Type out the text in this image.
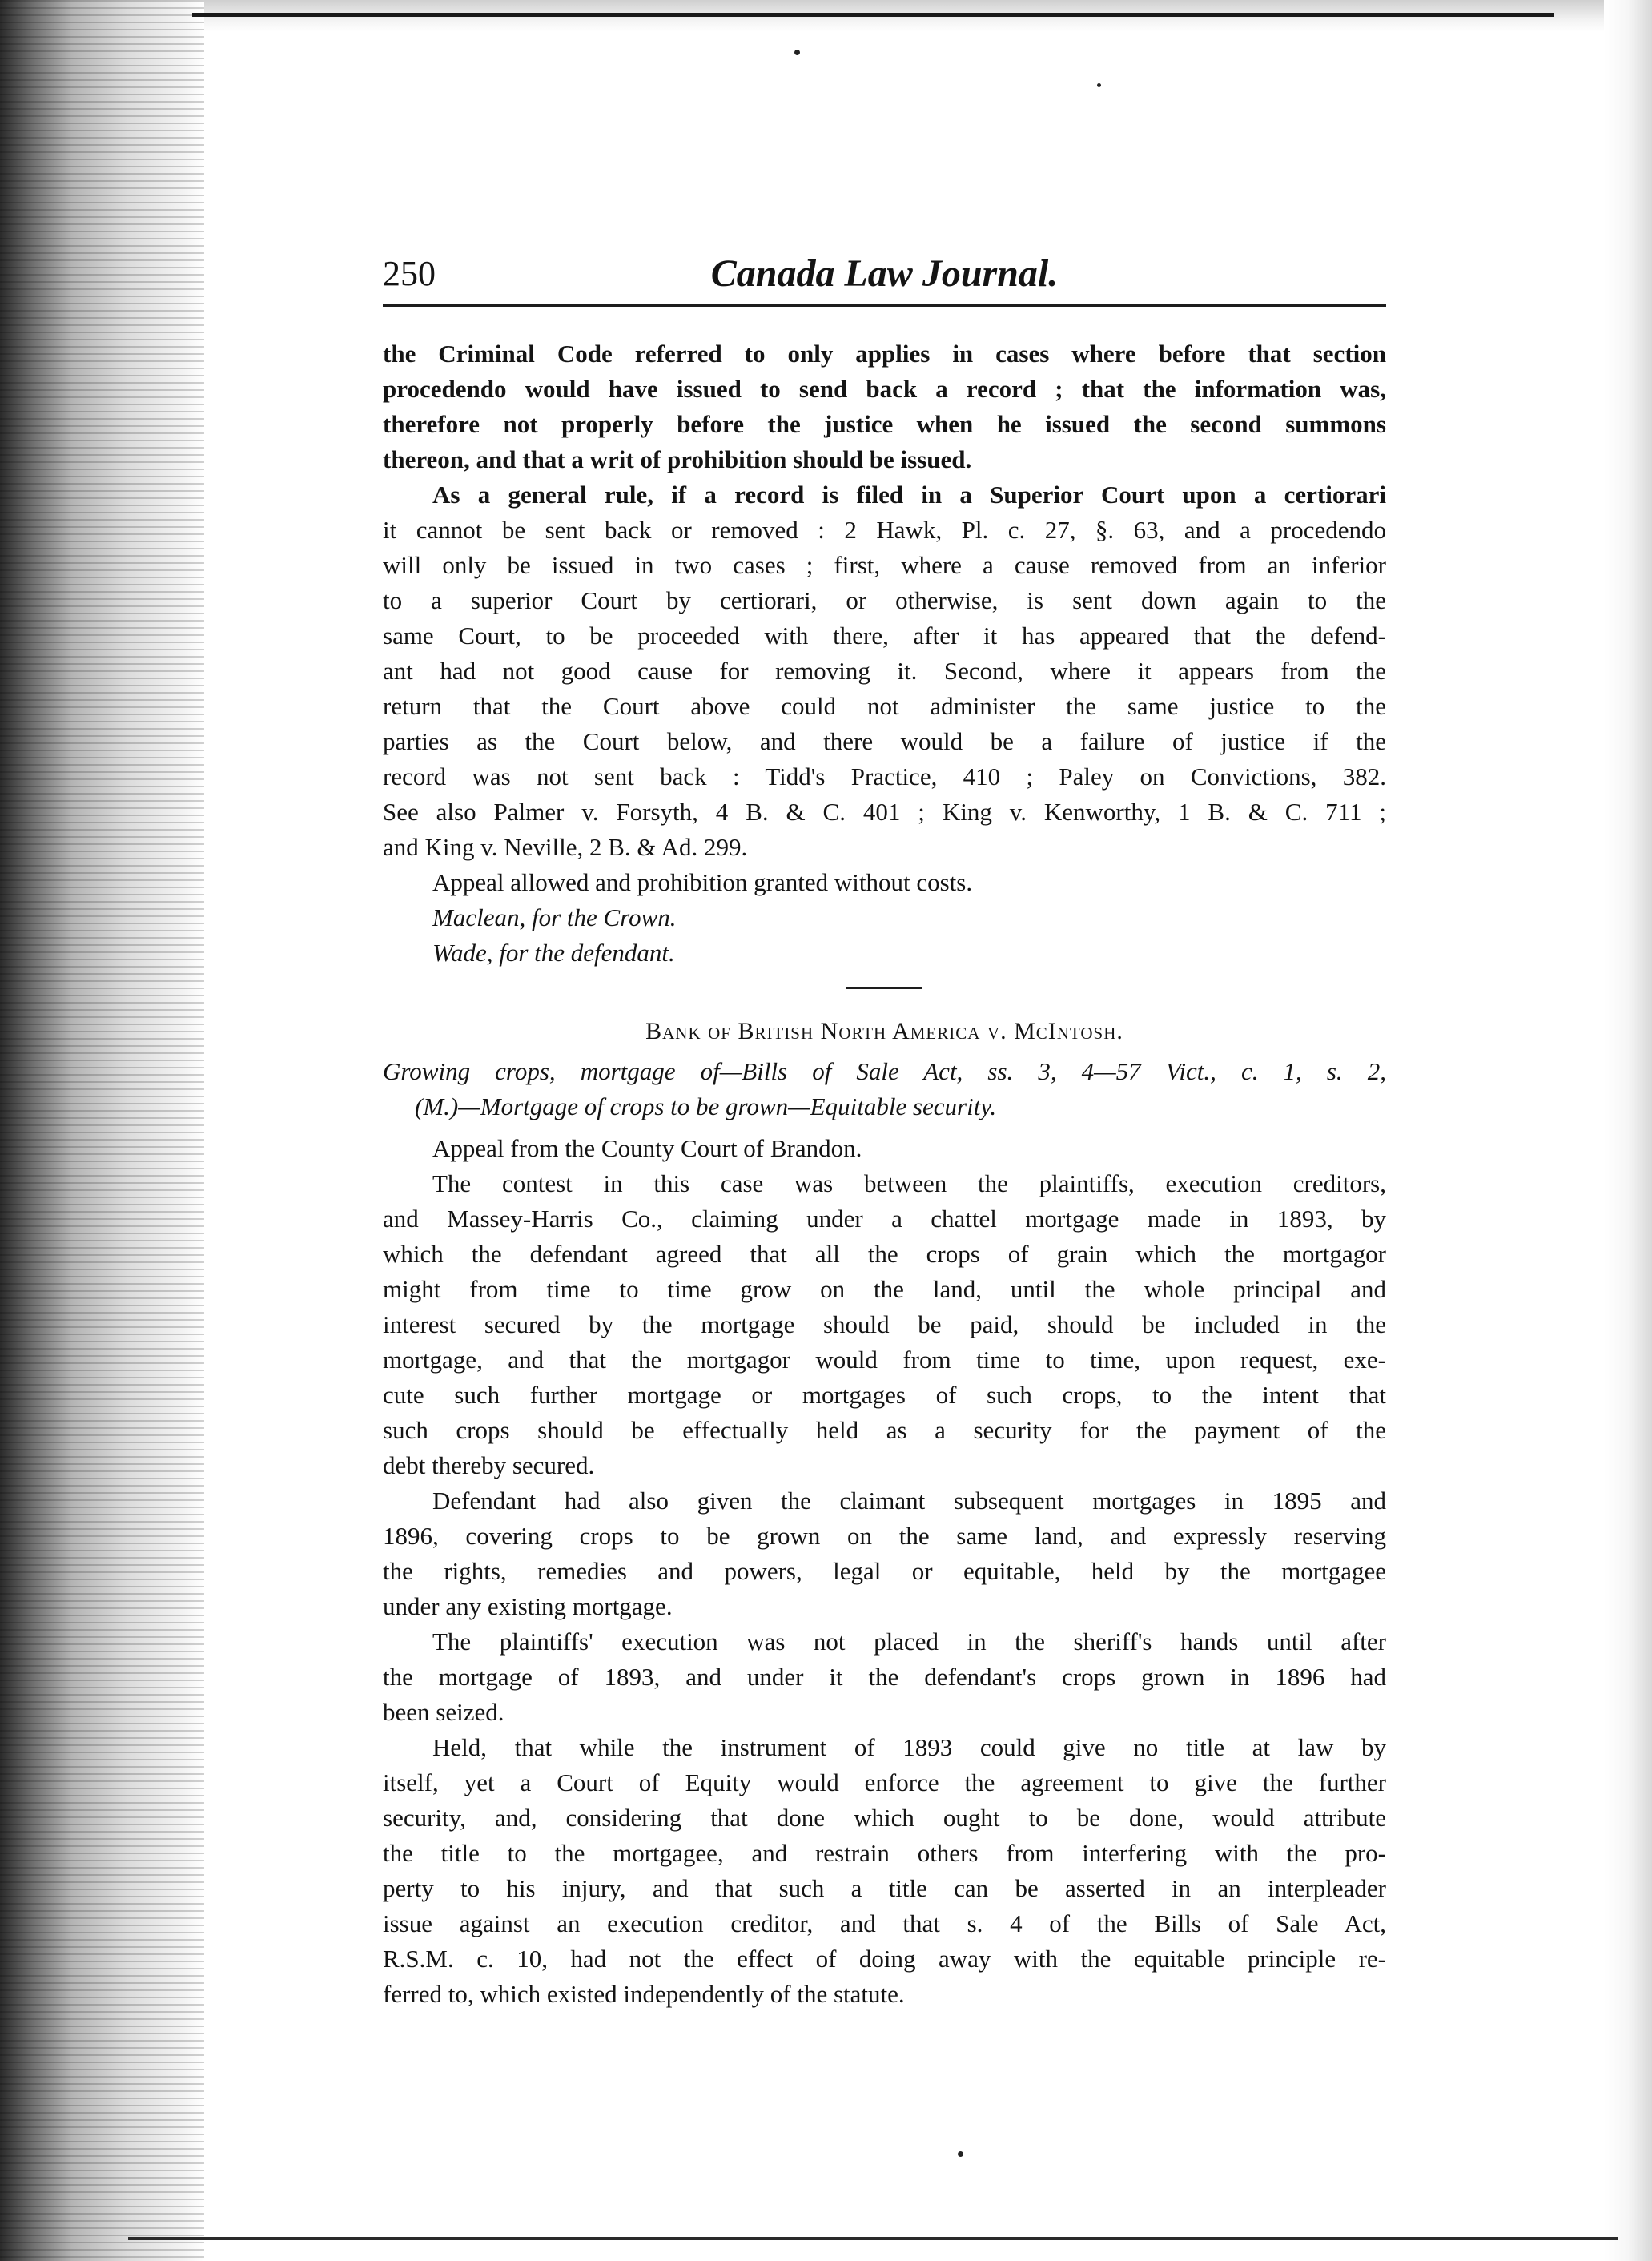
250	Canada Law Journal.
the Criminal Code referred to only applies in cases where before that section
procedendo would have issued to send back a record ; that the information was,
therefore not properly before the justice when he issued the second summons
thereon, and that a writ of prohibition should be issued.
As a general rule, if a record is filed in a Superior Court upon a certiorari
it cannot be sent back or removed : 2 Hawk, Pl. c. 27, §. 63, and a procedendo
will only be issued in two cases ; first, where a cause removed from an inferior
to a superior Court by certiorari, or otherwise, is sent down again to the
same Court, to be proceeded with there, after it has appeared that the defend-
ant had not good cause for removing it. Second, where it appears from the
return that the Court above could not administer the same justice to the
parties as the Court below, and there would be a failure of justice if the
record was not sent back : Tidd's Practice, 410 ; Paley on Convictions, 382.
See also Palmer v. Forsyth, 4 B. & C. 401 ; King v. Kenworthy, 1 B. & C. 711 ;
and King v. Neville, 2 B. & Ad. 299.
Appeal allowed and prohibition granted without costs.
Maclean, for the Crown.
Wade, for the defendant.
Bank of British North America v. McIntosh.
Growing crops, mortgage of—Bills of Sale Act, ss. 3, 4—57 Vict., c. 1, s. 2,
(M.)—Mortgage of crops to be grown—Equitable security.
Appeal from the County Court of Brandon.
The contest in this case was between the plaintiffs, execution creditors,
and Massey-Harris Co., claiming under a chattel mortgage made in 1893, by
which the defendant agreed that all the crops of grain which the mortgagor
might from time to time grow on the land, until the whole principal and
interest secured by the mortgage should be paid, should be included in the
mortgage, and that the mortgagor would from time to time, upon request, exe-
cute such further mortgage or mortgages of such crops, to the intent that
such crops should be effectually held as a security for the payment of the
debt thereby secured.
Defendant had also given the claimant subsequent mortgages in 1895 and
1896, covering crops to be grown on the same land, and expressly reserving
the rights, remedies and powers, legal or equitable, held by the mortgagee
under any existing mortgage.
The plaintiffs' execution was not placed in the sheriff's hands until after
the mortgage of 1893, and under it the defendant's crops grown in 1896 had
been seized.
Held, that while the instrument of 1893 could give no title at law by
itself, yet a Court of Equity would enforce the agreement to give the further
security, and, considering that done which ought to be done, would attribute
the title to the mortgagee, and restrain others from interfering with the pro-
perty to his injury, and that such a title can be asserted in an interpleader
issue against an execution creditor, and that s. 4 of the Bills of Sale Act,
R.S.M. c. 10, had not the effect of doing away with the equitable principle re-
ferred to, which existed independently of the statute.
